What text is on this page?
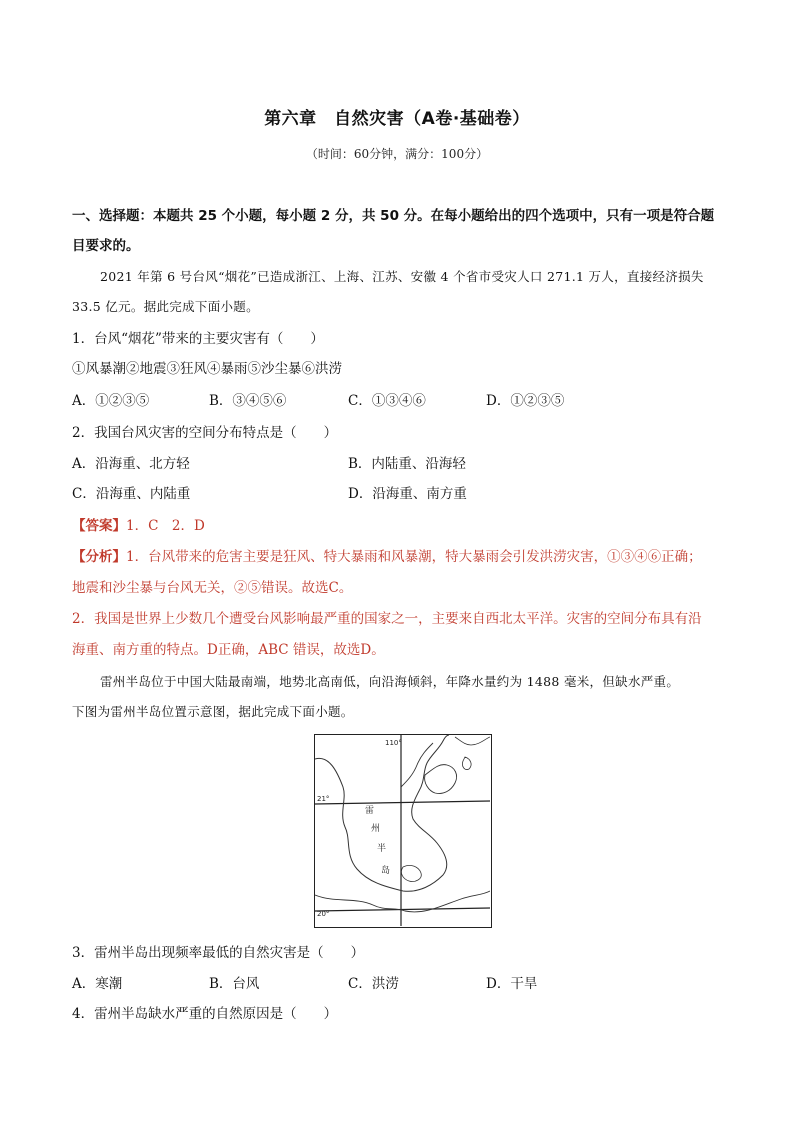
第六章　自然灾害（A卷·基础卷）
（时间：60分钟，满分：100分）
一、选择题：本题共 25 个小题，每小题 2 分，共 50 分。在每小题给出的四个选项中，只有一项是符合题
目要求的。
2021 年第 6 号台风“烟花”已造成浙江、上海、江苏、安徽 4 个省市受灾人口 271.1 万人，直接经济损失
33.5 亿元。据此完成下面小题。
1．台风“烟花”带来的主要灾害有（　　）
①风暴潮②地震③狂风④暴雨⑤沙尘暴⑥洪涝
A．①②③⑤	B．③④⑤⑥	C．①③④⑥	D．①②③⑤
2．我国台风灾害的空间分布特点是（　　）
A．沿海重、北方轻	B．内陆重、沿海轻
C．沿海重、内陆重	D．沿海重、南方重
【答案】1．C　2．D
【分析】1．台风带来的危害主要是狂风、特大暴雨和风暴潮，特大暴雨会引发洪涝灾害，①③④⑥正确；
地震和沙尘暴与台风无关，②⑤错误。故选C。
2．我国是世界上少数几个遭受台风影响最严重的国家之一，主要来自西北太平洋。灾害的空间分布具有沿
海重、南方重的特点。D正确，ABC 错误，故选D。
雷州半岛位于中国大陆最南端，地势北高南低，向沿海倾斜，年降水量约为 1488 毫米，但缺水严重。
下图为雷州半岛位置示意图，据此完成下面小题。
110°
21°
20°
雷
州
半
岛
3．雷州半岛出现频率最低的自然灾害是（　　）
A．寒潮	B．台风	C．洪涝	D．干旱
4．雷州半岛缺水严重的自然原因是（　　）
